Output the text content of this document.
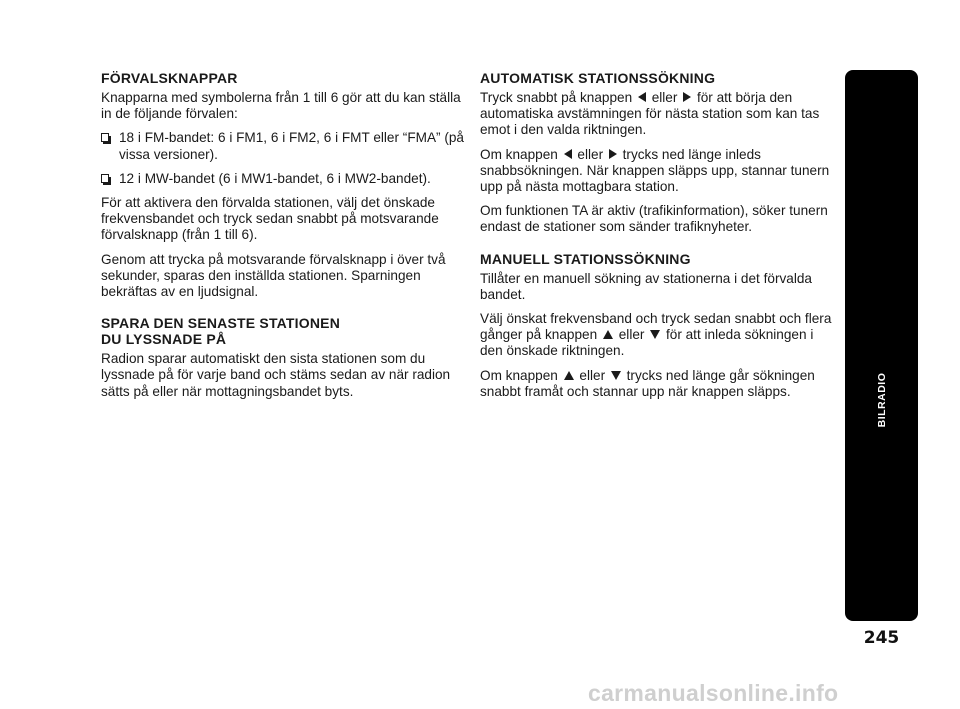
FÖRVALSKNAPPAR

Knapparna med symbolerna från 1 till 6 gör att du kan ställa in de följande förvalen:

18 i FM-bandet: 6 i FM1, 6 i FM2, 6 i FMT eller “FMA” (på vissa versioner).
12 i MW-bandet (6 i MW1-bandet, 6 i MW2-bandet).

För att aktivera den förvalda stationen, välj det önskade frekvensbandet och tryck sedan snabbt på motsvarande förvalsknapp (från 1 till 6).

Genom att trycka på motsvarande förvalsknapp i över två sekunder, sparas den inställda stationen. Sparningen bekräftas av en ljudsignal.

SPARA DEN SENASTE STATIONEN
DU LYSSNADE PÅ

Radion sparar automatiskt den sista stationen som du lyssnade på för varje band och stäms sedan av när radion sätts på eller när mottagningsbandet byts.

AUTOMATISK STATIONSSÖKNING

Tryck snabbt på knappen eller för att börja den automatiska avstämningen för nästa station som kan tas emot i den valda riktningen.

Om knappen eller trycks ned länge inleds snabbsökningen. När knappen släpps upp, stannar tunern upp på nästa mottagbara station.

Om funktionen TA är aktiv (trafikinformation), söker tunern endast de stationer som sänder trafiknyheter.

MANUELL STATIONSSÖKNING

Tillåter en manuell sökning av stationerna i det förvalda bandet.

Välj önskat frekvensband och tryck sedan snabbt och flera gånger på knappen eller för att inleda sökningen i den önskade riktningen.

Om knappen eller trycks ned länge går sökningen snabbt framåt och stannar upp när knappen släpps.	BILRADIO
245
carmanualsonline.info
